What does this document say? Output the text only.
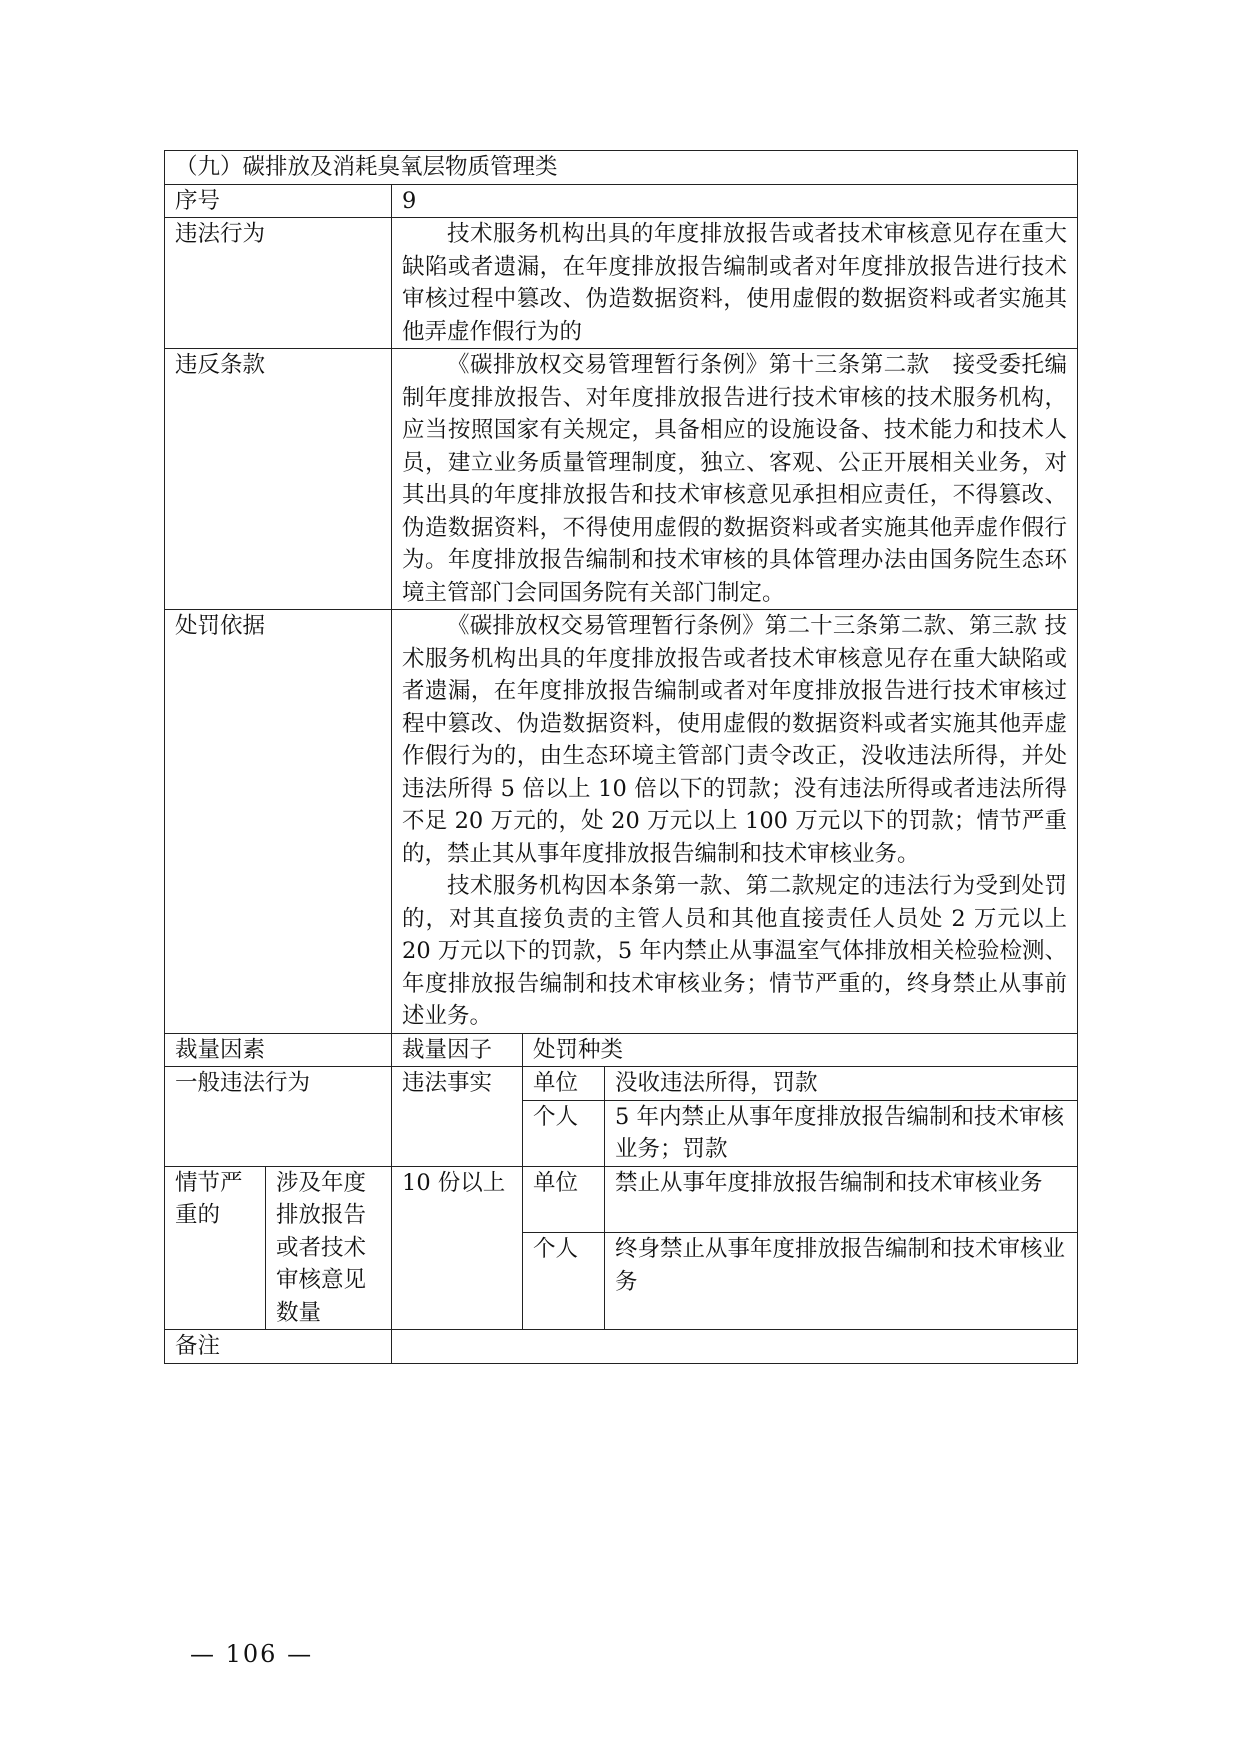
（九）碳排放及消耗臭氧层物质管理类				
序号		9		
违法行为		技术服务机构出具的年度排放报告或者技术审核意见存在重大缺陷或者遗漏，在年度排放报告编制或者对年度排放报告进行技术审核过程中篡改、伪造数据资料，使用虚假的数据资料或者实施其他弄虚作假行为的		

违反条款		《碳排放权交易管理暂行条例》第十三条第二款　接受委托编制年度排放报告、对年度排放报告进行技术审核的技术服务机构，应当按照国家有关规定，具备相应的设施设备、技术能力和技术人员，建立业务质量管理制度，独立、客观、公正开展相关业务，对其出具的年度排放报告和技术审核意见承担相应责任，不得篡改、伪造数据资料，不得使用虚假的数据资料或者实施其他弄虚作假行为。年度排放报告编制和技术审核的具体管理办法由国务院生态环境主管部门会同国务院有关部门制定。		

处罚依据		《碳排放权交易管理暂行条例》第二十三条第二款、第三款 技术服务机构出具的年度排放报告或者技术审核意见存在重大缺陷或者遗漏，在年度排放报告编制或者对年度排放报告进行技术审核过程中篡改、伪造数据资料，使用虚假的数据资料或者实施其他弄虚作假行为的，由生态环境主管部门责令改正，没收违法所得，并处违法所得 5 倍以上 10 倍以下的罚款；没有违法所得或者违法所得不足 20 万元的，处 20 万元以上 100 万元以下的罚款；情节严重的，禁止其从事年度排放报告编制和技术审核业务。

技术服务机构因本条第一款、第二款规定的违法行为受到处罚的，对其直接负责的主管人员和其他直接责任人员处 2 万元以上 20 万元以下的罚款，5 年内禁止从事温室气体排放相关检验检测、年度排放报告编制和技术审核业务；情节严重的，终身禁止从事前述业务。		

裁量因素		裁量因子	处罚种类	
一般违法行为		违法事实	单位	没收违法所得，罚款
			个人	5 年内禁止从事年度排放报告编制和技术审核业务；罚款
情节严重的	涉及年度排放报告或者技术审核意见数量	10 份以上	单位	禁止从事年度排放报告编制和技术审核业务
			个人	终身禁止从事年度排放报告编制和技术审核业务
备注				
— 106 —
